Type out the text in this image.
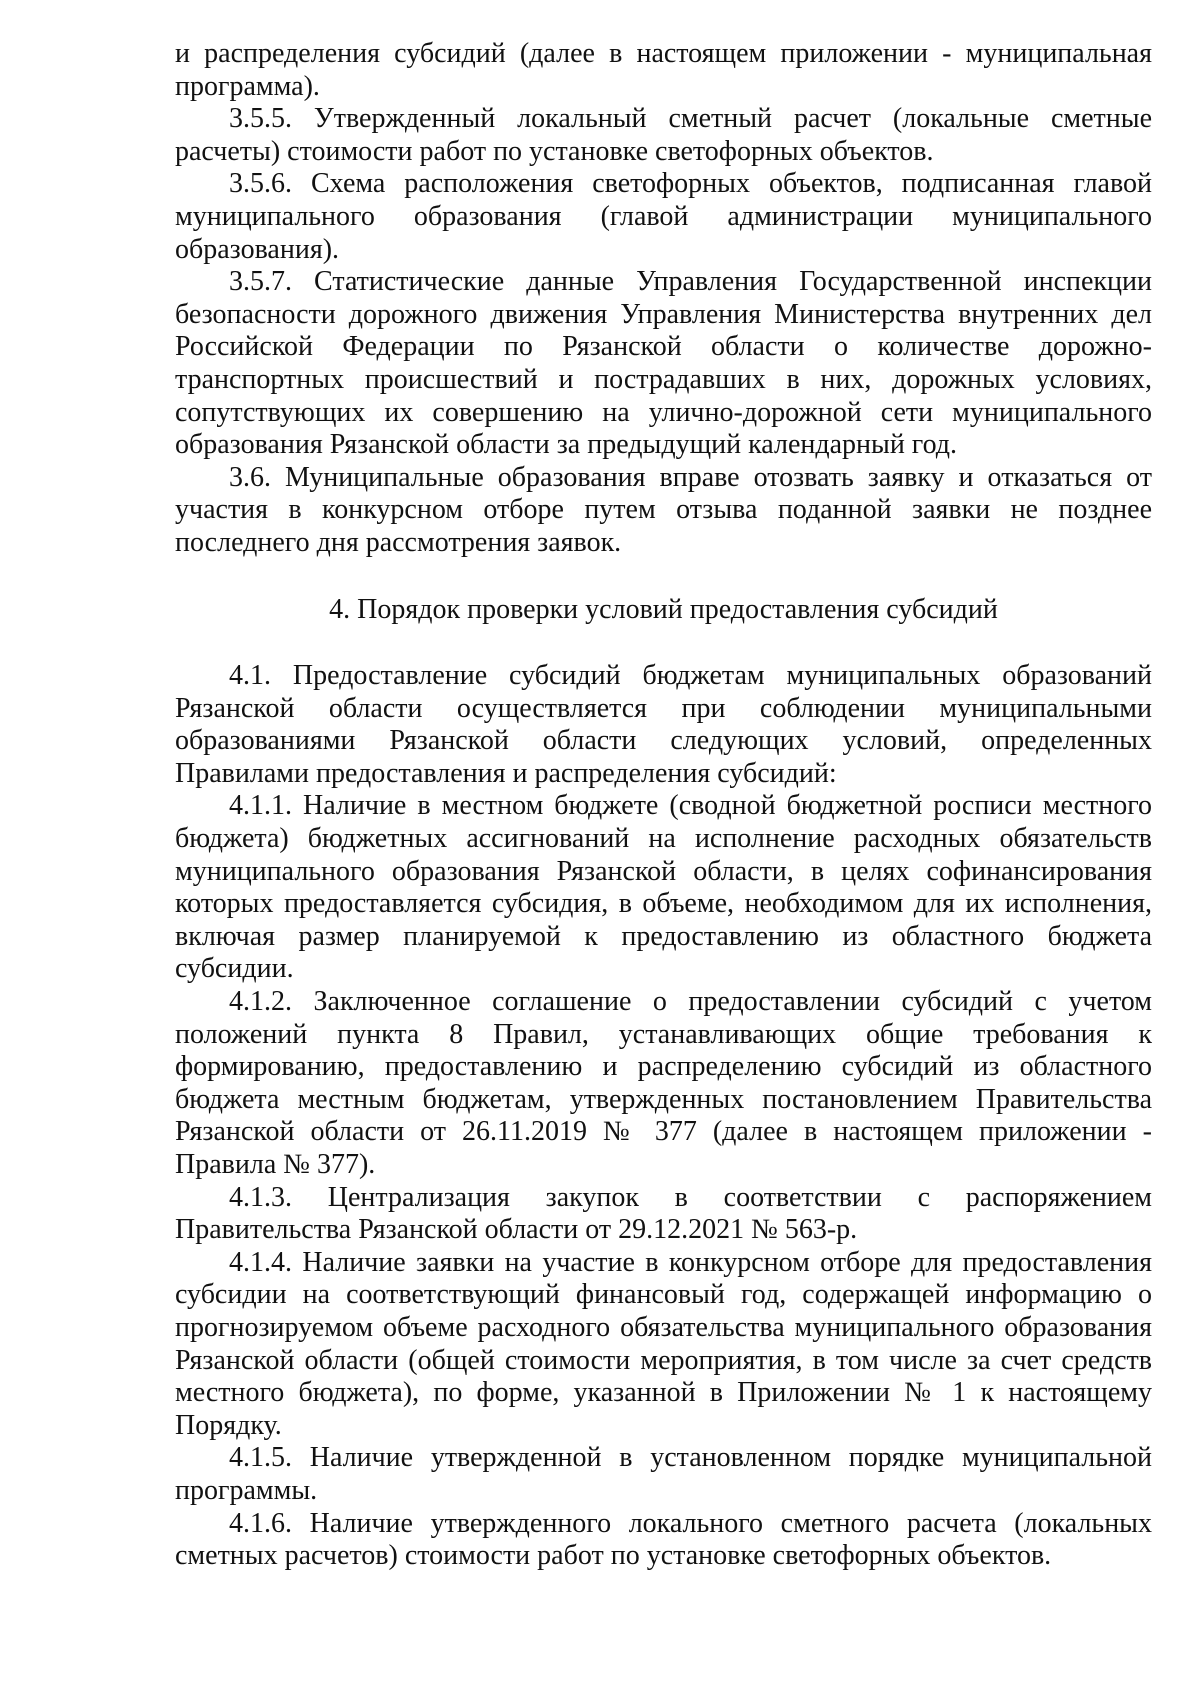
и распределения субсидий (далее в настоящем приложении - муниципальная программа).

3.5.5. Утвержденный локальный сметный расчет (локальные сметные расчеты) стоимости работ по установке светофорных объектов.

3.5.6. Схема расположения светофорных объектов, подписанная главой муниципального образования (главой администрации муниципального образования).

3.5.7. Статистические данные Управления Государственной инспекции безопасности дорожного движения Управления Министерства внутренних дел Российской Федерации по Рязанской области о количестве дорожно-транспортных происшествий и пострадавших в них, дорожных условиях, сопутствующих их совершению на улично-дорожной сети муниципального образования Рязанской области за предыдущий календарный год.

3.6. Муниципальные образования вправе отозвать заявку и отказаться от участия в конкурсном отборе путем отзыва поданной заявки не позднее последнего дня рассмотрения заявок.

4. Порядок проверки условий предоставления субсидий

4.1. Предоставление субсидий бюджетам муниципальных образований Рязанской области осуществляется при соблюдении муниципальными образованиями Рязанской области следующих условий, определенных Правилами предоставления и распределения субсидий:

4.1.1. Наличие в местном бюджете (сводной бюджетной росписи местного бюджета) бюджетных ассигнований на исполнение расходных обязательств муниципального образования Рязанской области, в целях софинансирования которых предоставляется субсидия, в объеме, необходимом для их исполнения, включая размер планируемой к предоставлению из областного бюджета субсидии.

4.1.2. Заключенное соглашение о предоставлении субсидий с учетом положений пункта 8 Правил, устанавливающих общие требования к формированию, предоставлению и распределению субсидий из областного бюджета местным бюджетам, утвержденных постановлением Правительства Рязанской области от 26.11.2019 № 377 (далее в настоящем приложении - Правила № 377).

4.1.3. Централизация закупок в соответствии с распоряжением Правительства Рязанской области от 29.12.2021 № 563-р.

4.1.4. Наличие заявки на участие в конкурсном отборе для предоставления субсидии на соответствующий финансовый год, содержащей информацию о прогнозируемом объеме расходного обязательства муниципального образования Рязанской области (общей стоимости мероприятия, в том числе за счет средств местного бюджета), по форме, указанной в Приложении № 1 к настоящему Порядку.

4.1.5. Наличие утвержденной в установленном порядке муниципальной программы.

4.1.6. Наличие утвержденного локального сметного расчета (локальных сметных расчетов) стоимости работ по установке светофорных объектов.
